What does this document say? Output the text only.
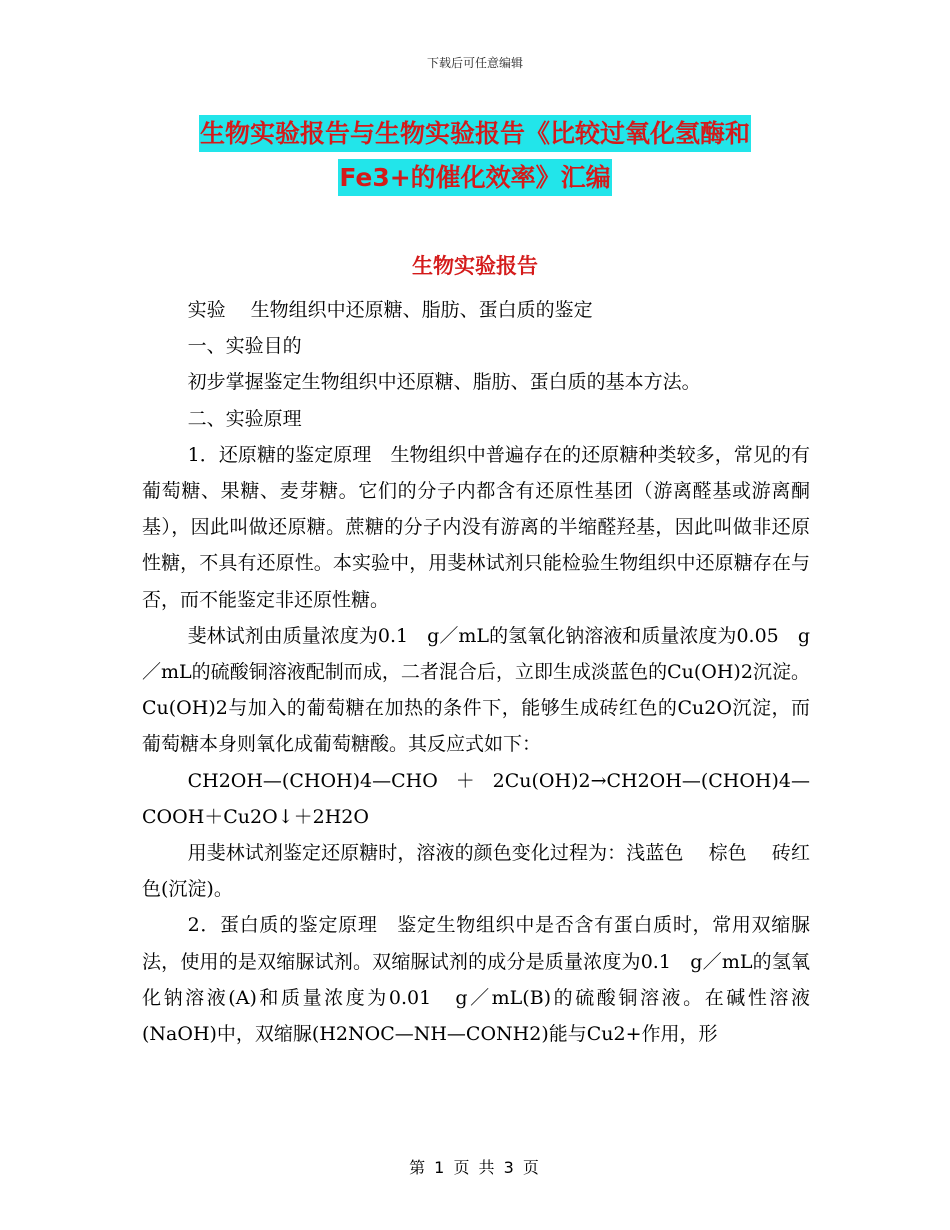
下载后可任意编辑
生物实验报告与生物实验报告《比较过氧化氢酶和
Fe3+的催化效率》汇编
生物实验报告

实验　 生物组织中还原糖、脂肪、蛋白质的鉴定

一、实验目的

初步掌握鉴定生物组织中还原糖、脂肪、蛋白质的基本方法。

二、实验原理

1．还原糖的鉴定原理　生物组织中普遍存在的还原糖种类较多，常见的有葡萄糖、果糖、麦芽糖。它们的分子内都含有还原性基团（游离醛基或游离酮基），因此叫做还原糖。蔗糖的分子内没有游离的半缩醛羟基，因此叫做非还原性糖，不具有还原性。本实验中，用斐林试剂只能检验生物组织中还原糖存在与否，而不能鉴定非还原性糖。

斐林试剂由质量浓度为0.1　g／mL的氢氧化钠溶液和质量浓度为0.05　g／mL的硫酸铜溶液配制而成，二者混合后，立即生成淡蓝色的Cu(OH)2沉淀。Cu(OH)2与加入的葡萄糖在加热的条件下，能够生成砖红色的Cu2O沉淀，而葡萄糖本身则氧化成葡萄糖酸。其反应式如下：

CH2OH—(CHOH)4—CHO＋2Cu(OH)2→CH2OH—(CHOH)4—COOH＋Cu2O↓＋2H2O

用斐林试剂鉴定还原糖时，溶液的颜色变化过程为：浅蓝色　 棕色　 砖红色(沉淀)。

2．蛋白质的鉴定原理　鉴定生物组织中是否含有蛋白质时，常用双缩脲法，使用的是双缩脲试剂。双缩脲试剂的成分是质量浓度为0.1　g／mL的氢氧化钠溶液(A)和质量浓度为0.01　g／mL(B)的硫酸铜溶液。在碱性溶液(NaOH)中，双缩脲(H2NOC—NH—CONH2)能与Cu2+作用，形

第 1 页 共 3 页
